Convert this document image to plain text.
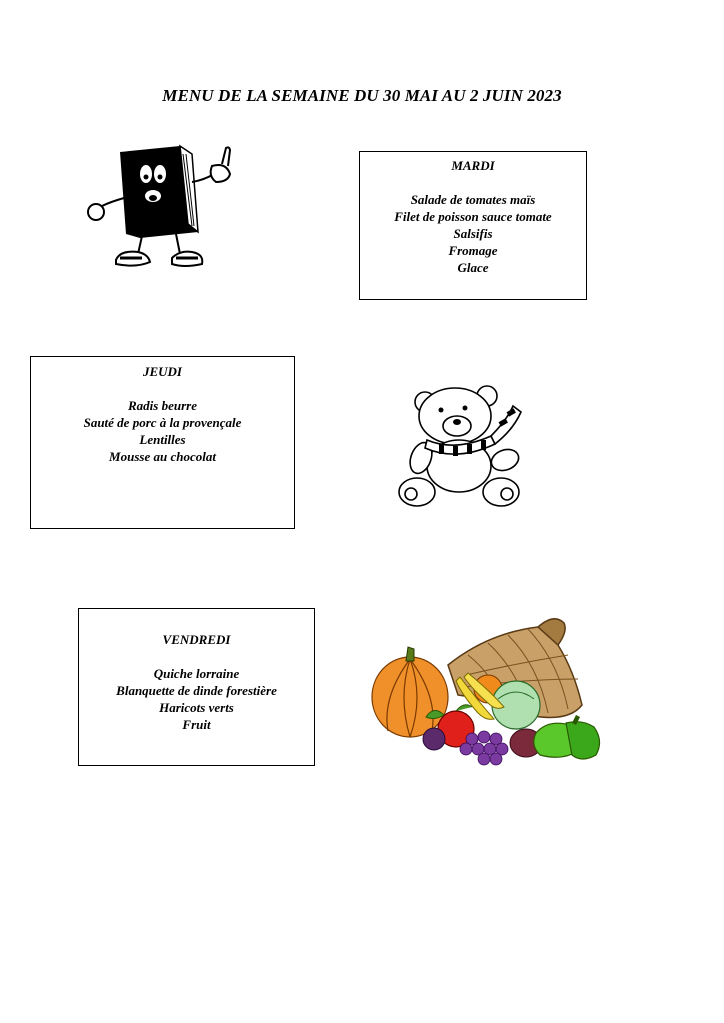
MENU DE LA SEMAINE DU 30 MAI AU 2 JUIN 2023
MARDI
Salade de tomates maïs
Filet de poisson sauce tomate
Salsifis
Fromage
Glace
JEUDI
Radis beurre
Sauté de porc à la provençale
Lentilles
Mousse au chocolat
VENDREDI
Quiche lorraine
Blanquette de dinde forestière
Haricots verts
Fruit
